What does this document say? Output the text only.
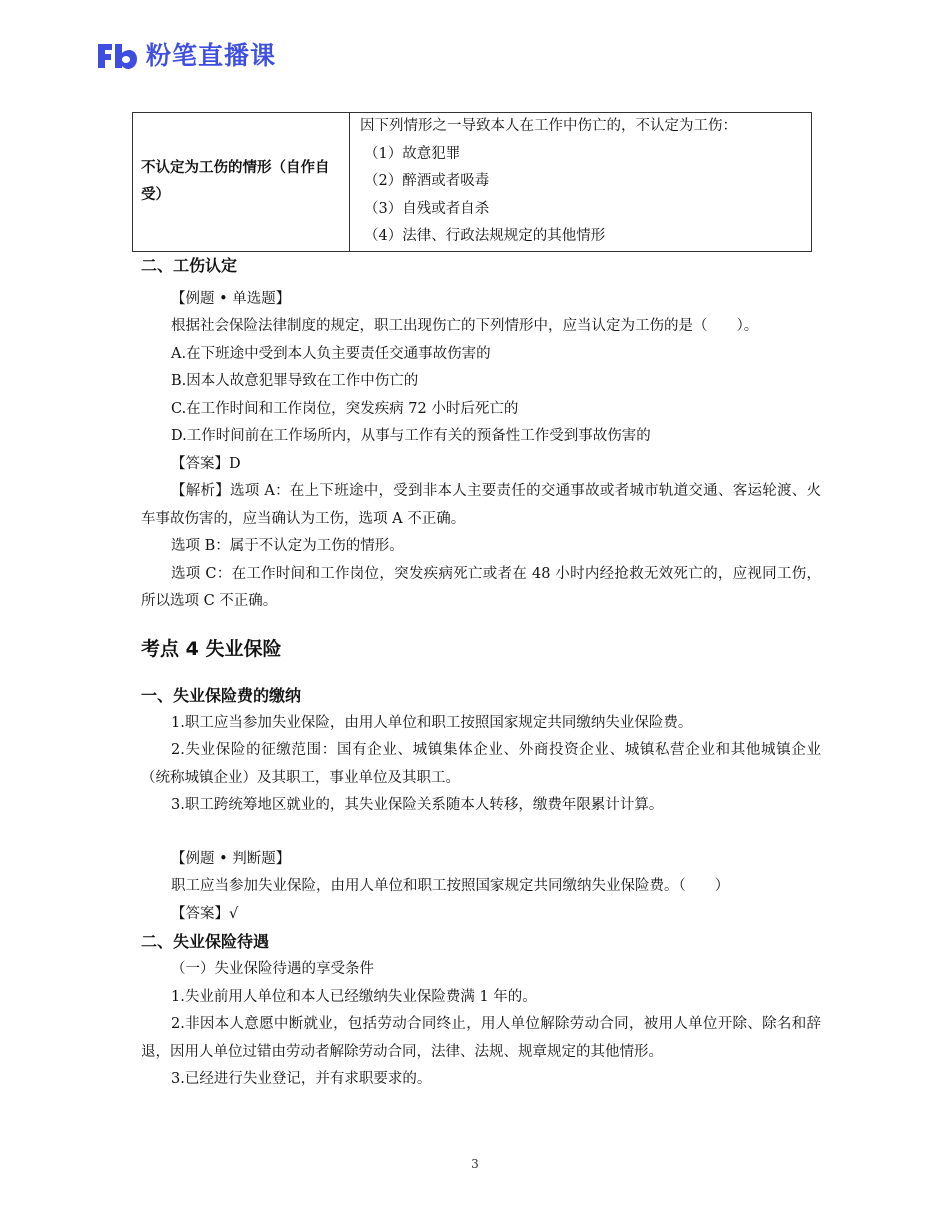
粉笔直播课
不认定为工伤的情形（自作自受）	
因下列情形之一导致本人在工作中伤亡的，不认定为工伤：
（1）故意犯罪
（2）醉酒或者吸毒
（3）自残或者自杀
（4）法律、行政法规规定的其他情形
二、工伤认定
【例题 • 单选题】
根据社会保险法律制度的规定，职工出现伤亡的下列情形中，应当认定为工伤的是（　　）。
A.在下班途中受到本人负主要责任交通事故伤害的
B.因本人故意犯罪导致在工作中伤亡的
C.在工作时间和工作岗位，突发疾病 72 小时后死亡的
D.工作时间前在工作场所内，从事与工作有关的预备性工作受到事故伤害的
【答案】D
【解析】选项 A：在上下班途中，受到非本人主要责任的交通事故或者城市轨道交通、客运轮渡、火车事故伤害的，应当确认为工伤，选项 A 不正确。
选项 B：属于不认定为工伤的情形。
选项 C：在工作时间和工作岗位，突发疾病死亡或者在 48 小时内经抢救无效死亡的，应视同工伤，所以选项 C 不正确。
考点 4 失业保险
一、失业保险费的缴纳
1.职工应当参加失业保险，由用人单位和职工按照国家规定共同缴纳失业保险费。
2.失业保险的征缴范围：国有企业、城镇集体企业、外商投资企业、城镇私营企业和其他城镇企业（统称城镇企业）及其职工，事业单位及其职工。
3.职工跨统筹地区就业的，其失业保险关系随本人转移，缴费年限累计计算。
【例题 • 判断题】
职工应当参加失业保险，由用人单位和职工按照国家规定共同缴纳失业保险费。（　　）
【答案】√
二、失业保险待遇
（一）失业保险待遇的享受条件
1.失业前用人单位和本人已经缴纳失业保险费满 1 年的。
2.非因本人意愿中断就业，包括劳动合同终止，用人单位解除劳动合同，被用人单位开除、除名和辞退，因用人单位过错由劳动者解除劳动合同，法律、法规、规章规定的其他情形。
3.已经进行失业登记，并有求职要求的。
3
